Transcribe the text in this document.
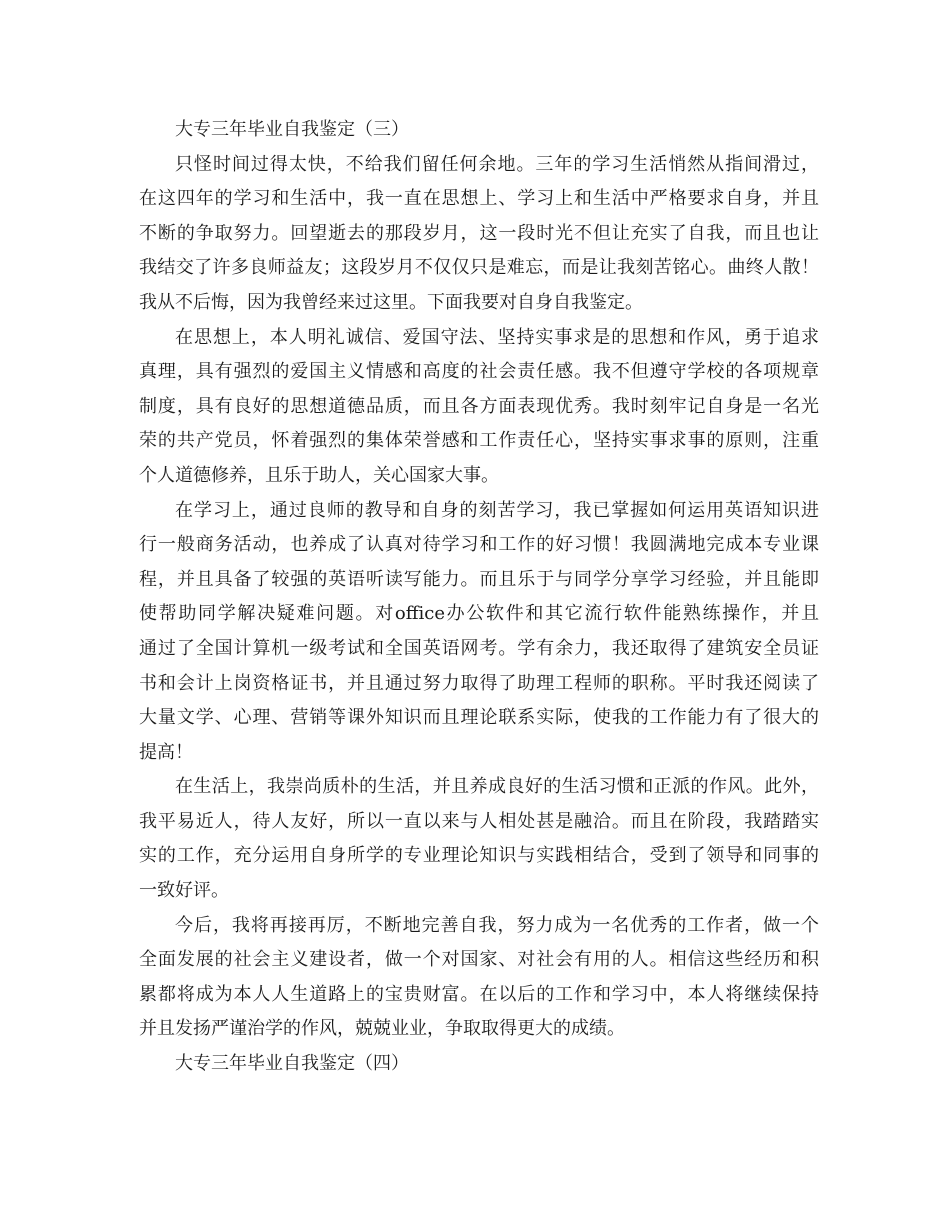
大专三年毕业自我鉴定（三）
只怪时间过得太快，不给我们留任何余地。三年的学习生活悄然从指间滑过，
在这四年的学习和生活中，我一直在思想上、学习上和生活中严格要求自身，并且
不断的争取努力。回望逝去的那段岁月，这一段时光不但让充实了自我，而且也让
我结交了许多良师益友；这段岁月不仅仅只是难忘，而是让我刻苦铭心。曲终人散！
我从不后悔，因为我曾经来过这里。下面我要对自身自我鉴定。
在思想上，本人明礼诚信、爱国守法、坚持实事求是的思想和作风，勇于追求
真理，具有强烈的爱国主义情感和高度的社会责任感。我不但遵守学校的各项规章
制度，具有良好的思想道德品质，而且各方面表现优秀。我时刻牢记自身是一名光
荣的共产党员，怀着强烈的集体荣誉感和工作责任心，坚持实事求事的原则，注重
个人道德修养，且乐于助人，关心国家大事。
在学习上，通过良师的教导和自身的刻苦学习，我已掌握如何运用英语知识进
行一般商务活动，也养成了认真对待学习和工作的好习惯！我圆满地完成本专业课
程，并且具备了较强的英语听读写能力。而且乐于与同学分享学习经验，并且能即
使帮助同学解决疑难问题。对office办公软件和其它流行软件能熟练操作，并且
通过了全国计算机一级考试和全国英语网考。学有余力，我还取得了建筑安全员证
书和会计上岗资格证书，并且通过努力取得了助理工程师的职称。平时我还阅读了
大量文学、心理、营销等课外知识而且理论联系实际，使我的工作能力有了很大的
提高！
在生活上，我崇尚质朴的生活，并且养成良好的生活习惯和正派的作风。此外，
我平易近人，待人友好，所以一直以来与人相处甚是融洽。而且在阶段，我踏踏实
实的工作，充分运用自身所学的专业理论知识与实践相结合，受到了领导和同事的
一致好评。
今后，我将再接再厉，不断地完善自我，努力成为一名优秀的工作者，做一个
全面发展的社会主义建设者，做一个对国家、对社会有用的人。相信这些经历和积
累都将成为本人人生道路上的宝贵财富。在以后的工作和学习中，本人将继续保持
并且发扬严谨治学的作风，兢兢业业，争取取得更大的成绩。
大专三年毕业自我鉴定（四）
